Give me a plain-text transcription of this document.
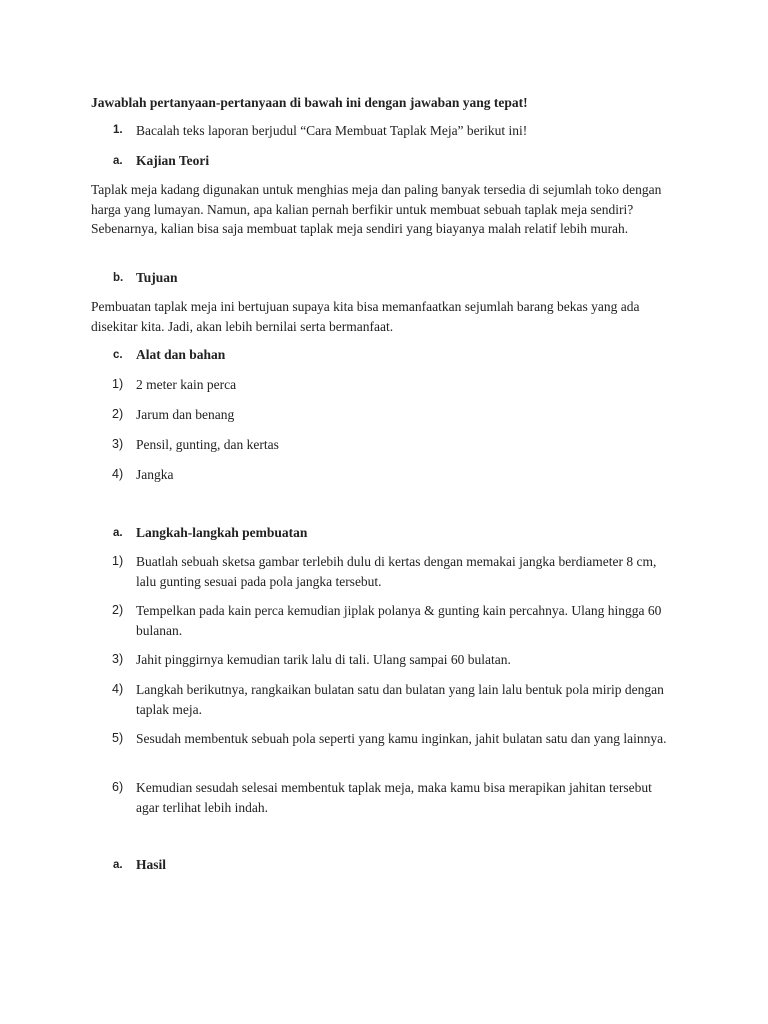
Jawablah pertanyaan-pertanyaan di bawah ini dengan jawaban yang tepat!
1. Bacalah teks laporan berjudul “Cara Membuat Taplak Meja” berikut ini!
a. Kajian Teori
Taplak meja kadang digunakan untuk menghias meja dan paling banyak tersedia di sejumlah toko dengan harga yang lumayan. Namun, apa kalian pernah berfikir untuk membuat sebuah taplak meja sendiri? Sebenarnya, kalian bisa saja membuat taplak meja sendiri yang biayanya malah relatif lebih murah.
b. Tujuan
Pembuatan taplak meja ini bertujuan supaya kita bisa memanfaatkan sejumlah barang bekas yang ada disekitar kita. Jadi, akan lebih bernilai serta bermanfaat.
c. Alat dan bahan
1) 2 meter kain perca
2) Jarum dan benang
3) Pensil, gunting, dan kertas
4) Jangka
a. Langkah-langkah pembuatan
1) Buatlah sebuah sketsa gambar terlebih dulu di kertas dengan memakai jangka berdiameter 8 cm, lalu gunting sesuai pada pola jangka tersebut.
2) Tempelkan pada kain perca kemudian jiplak polanya & gunting kain percahnya. Ulang hingga 60 bulanan.
3) Jahit pinggirnya kemudian tarik lalu di tali. Ulang sampai 60 bulatan.
4) Langkah berikutnya, rangkaikan bulatan satu dan bulatan yang lain lalu bentuk pola mirip dengan taplak meja.
5) Sesudah membentuk sebuah pola seperti yang kamu inginkan, jahit bulatan satu dan yang lainnya.
6) Kemudian sesudah selesai membentuk taplak meja, maka kamu bisa merapikan jahitan tersebut agar terlihat lebih indah.
a. Hasil
